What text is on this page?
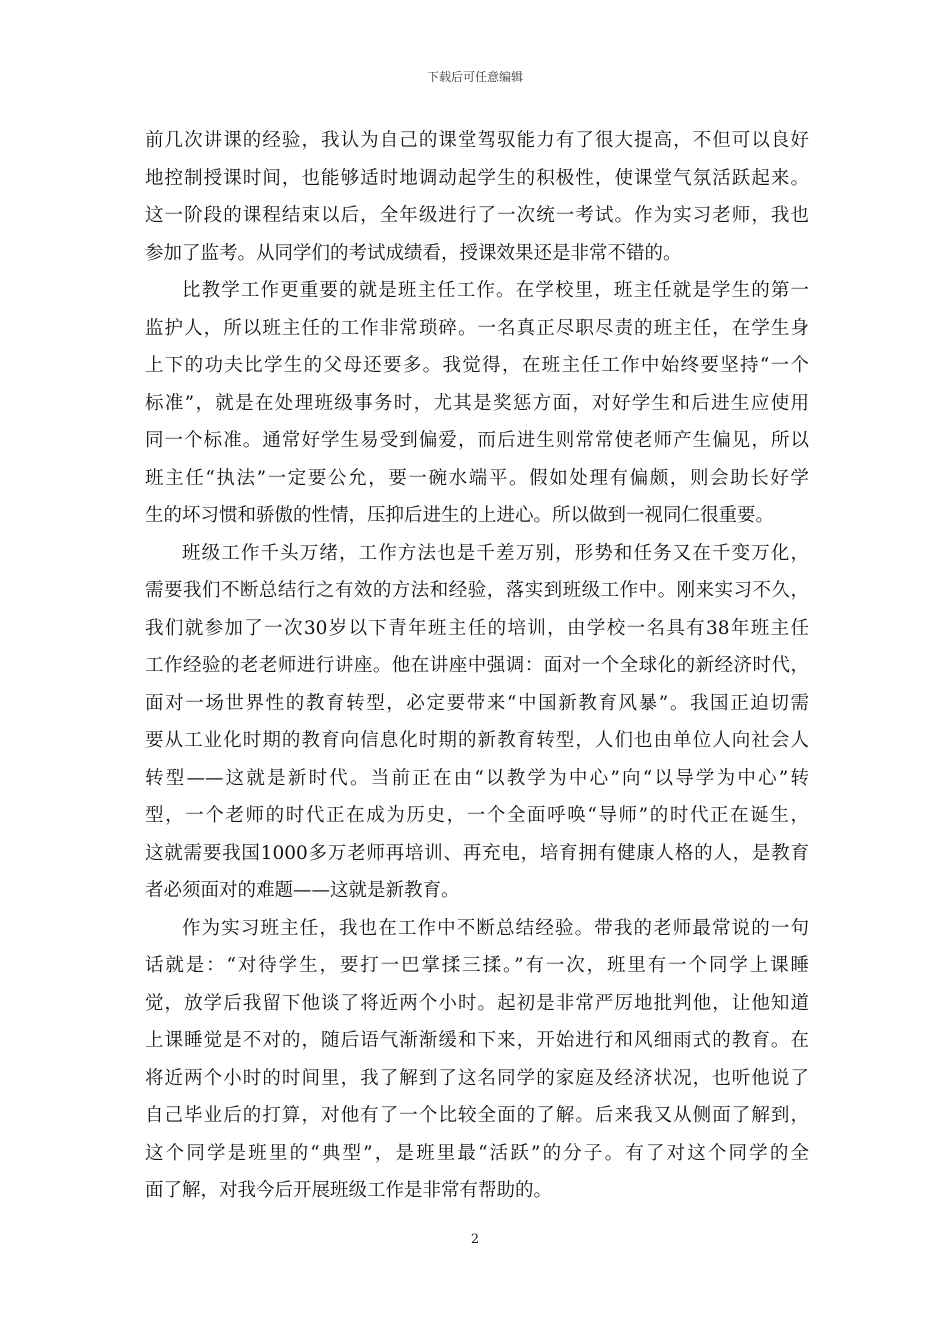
下载后可任意编辑
前几次讲课的经验，我认为自己的课堂驾驭能力有了很大提高，不但可以良好
地控制授课时间，也能够适时地调动起学生的积极性，使课堂气氛活跃起来。
这一阶段的课程结束以后，全年级进行了一次统一考试。作为实习老师，我也
参加了监考。从同学们的考试成绩看，授课效果还是非常不错的。
比教学工作更重要的就是班主任工作。在学校里，班主任就是学生的第一
监护人，所以班主任的工作非常琐碎。一名真正尽职尽责的班主任，在学生身
上下的功夫比学生的父母还要多。我觉得，在班主任工作中始终要坚持“一个
标准”，就是在处理班级事务时，尤其是奖惩方面，对好学生和后进生应使用
同一个标准。通常好学生易受到偏爱，而后进生则常常使老师产生偏见，所以
班主任“执法”一定要公允，要一碗水端平。假如处理有偏颇，则会助长好学
生的坏习惯和骄傲的性情，压抑后进生的上进心。所以做到一视同仁很重要。
班级工作千头万绪，工作方法也是千差万别，形势和任务又在千变万化，
需要我们不断总结行之有效的方法和经验，落实到班级工作中。刚来实习不久，
我们就参加了一次30岁以下青年班主任的培训，由学校一名具有38年班主任
工作经验的老老师进行讲座。他在讲座中强调：面对一个全球化的新经济时代，
面对一场世界性的教育转型，必定要带来“中国新教育风暴”。我国正迫切需
要从工业化时期的教育向信息化时期的新教育转型，人们也由单位人向社会人
转型——这就是新时代。当前正在由“以教学为中心”向“以导学为中心”转
型，一个老师的时代正在成为历史，一个全面呼唤“导师”的时代正在诞生，
这就需要我国1000多万老师再培训、再充电，培育拥有健康人格的人，是教育
者必须面对的难题——这就是新教育。
作为实习班主任，我也在工作中不断总结经验。带我的老师最常说的一句
话就是：“对待学生，要打一巴掌揉三揉。”有一次，班里有一个同学上课睡
觉，放学后我留下他谈了将近两个小时。起初是非常严厉地批判他，让他知道
上课睡觉是不对的，随后语气渐渐缓和下来，开始进行和风细雨式的教育。在
将近两个小时的时间里，我了解到了这名同学的家庭及经济状况，也听他说了
自己毕业后的打算，对他有了一个比较全面的了解。后来我又从侧面了解到，
这个同学是班里的“典型”，是班里最“活跃”的分子。有了对这个同学的全
面了解，对我今后开展班级工作是非常有帮助的。
2
